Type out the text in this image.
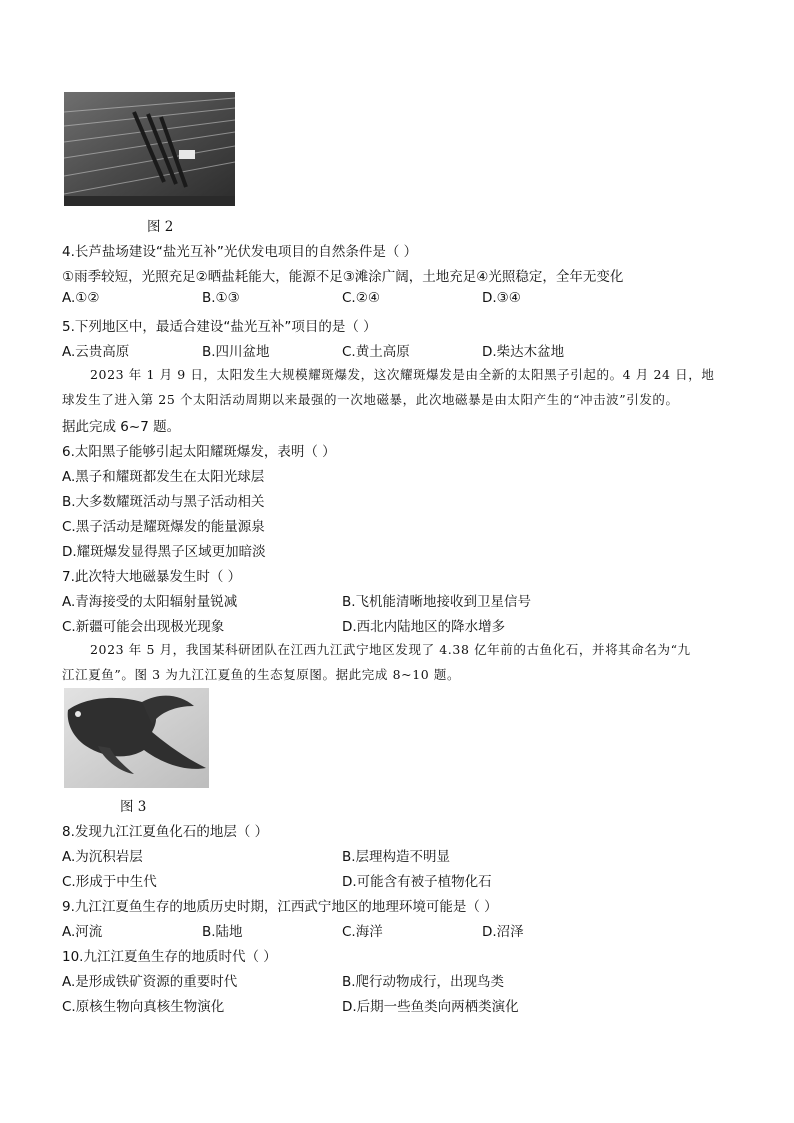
图 2
4.长芦盐场建设“盐光互补”光伏发电项目的自然条件是（ ）
①雨季较短，光照充足②晒盐耗能大，能源不足③滩涂广阔，土地充足④光照稳定，全年无变化
A.①②	B.①③	C.②④	D.③④
5.下列地区中，最适合建设“盐光互补”项目的是（ ）
A.云贵高原	B.四川盆地	C.黄土高原	D.柴达木盆地
2023 年 1 月 9 日，太阳发生大规模耀斑爆发，这次耀斑爆发是由全新的太阳黑子引起的。4 月 24 日，地
球发生了进入第 25 个太阳活动周期以来最强的一次地磁暴，此次地磁暴是由太阳产生的“冲击波”引发的。
据此完成 6~7 题。
6.太阳黑子能够引起太阳耀斑爆发，表明（ ）
A.黑子和耀斑都发生在太阳光球层
B.大多数耀斑活动与黑子活动相关
C.黑子活动是耀斑爆发的能量源泉
D.耀斑爆发显得黑子区域更加暗淡
7.此次特大地磁暴发生时（ ）
A.青海接受的太阳辐射量锐减	B.飞机能清晰地接收到卫星信号
C.新疆可能会出现极光现象	D.西北内陆地区的降水增多
2023 年 5 月，我国某科研团队在江西九江武宁地区发现了 4.38 亿年前的古鱼化石，并将其命名为“九
江江夏鱼”。图 3 为九江江夏鱼的生态复原图。据此完成 8~10 题。
图 3
8.发现九江江夏鱼化石的地层（ ）
A.为沉积岩层	B.层理构造不明显
C.形成于中生代	D.可能含有被子植物化石
9.九江江夏鱼生存的地质历史时期，江西武宁地区的地理环境可能是（ ）
A.河流	B.陆地	C.海洋	D.沼泽
10.九江江夏鱼生存的地质时代（ ）
A.是形成铁矿资源的重要时代	B.爬行动物成行，出现鸟类
C.原核生物向真核生物演化	D.后期一些鱼类向两栖类演化
